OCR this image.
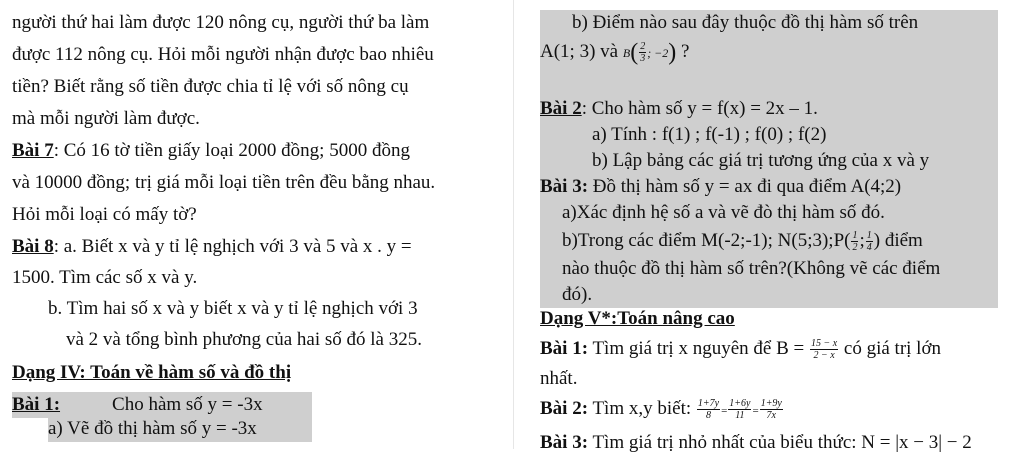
người thứ hai làm được 120 nông cụ, người thứ ba làm
được 112 nông cụ. Hỏi mỗi người nhận được bao nhiêu
tiền? Biết rằng số tiền được chia tỉ lệ với số nông cụ
mà mỗi người làm được.
Bài 7: Có 16 tờ tiền giấy loại 2000 đồng; 5000 đồng
và 10000 đồng; trị giá mỗi loại tiền trên đều bằng nhau.
Hỏi mỗi loại có mấy tờ?
Bài 8: a. Biết x và y tỉ lệ nghịch với 3 và 5 và x . y =
1500. Tìm các số x và y.
b. Tìm hai số x và y biết x và y tỉ lệ nghịch với 3
và 2 và tổng bình phương của hai số đó là 325.
Dạng IV: Toán về hàm số và đồ thị
Bài 1:	Cho hàm số y = -3x
a) Vẽ đồ thị hàm số y = -3x
b) Điểm nào sau đây thuộc đồ thị hàm số trên
A(1; 3) và $B( \frac{2}{3}$ ; −2) ?
Bài 2: Cho hàm số y = f(x) = 2x – 1.
a) Tính : f(1) ; f(-1) ; f(0) ; f(2)
b) Lập bảng các giá trị tương ứng của x và y
Bài 3: Đồ thị hàm số y = ax đi qua điểm A(4;2)
a)Xác định hệ số a và vẽ đò thị hàm số đó.
b)Trong các điểm M(-2;-1); N(5;3);P( $\frac{1}{2}$ ; $\frac{1}{4}$ ) điểm
nào thuộc đồ thị hàm số trên?(Không vẽ các điểm
đó).
Dạng V*:Toán nâng cao
Bài 1: Tìm giá trị x nguyên để $B = \frac{15 - x}{2 - x}$ có giá trị lớn
nhất.
Bài 2: Tìm x,y biết: $\frac{1+7y}{8} = \frac{1+6y}{11} = \frac{1+9y}{7x}$
Bài 3: Tìm giá trị nhỏ nhất của biểu thức: N = |x − 3| − 2
